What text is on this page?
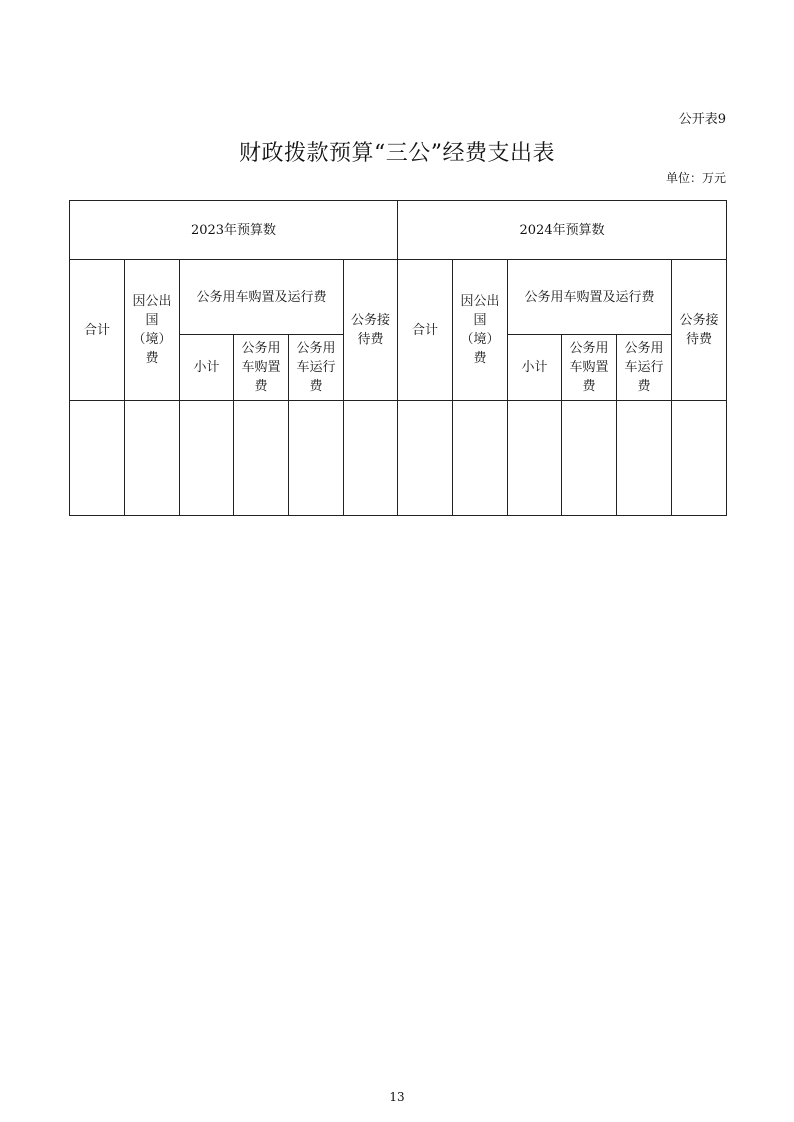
公开表9
财政拨款预算“三公”经费支出表
单位：万元
2023年预算数						2024年预算数					
合计	因公出国（境）费	公务用车购置及运行费			公务接待费	合计	因公出国（境）费	公务用车购置及运行费			公务接待费
		小计	公务用车购置费	公务用车运行费				小计	公务用车购置费	公务用车运行费	

13
